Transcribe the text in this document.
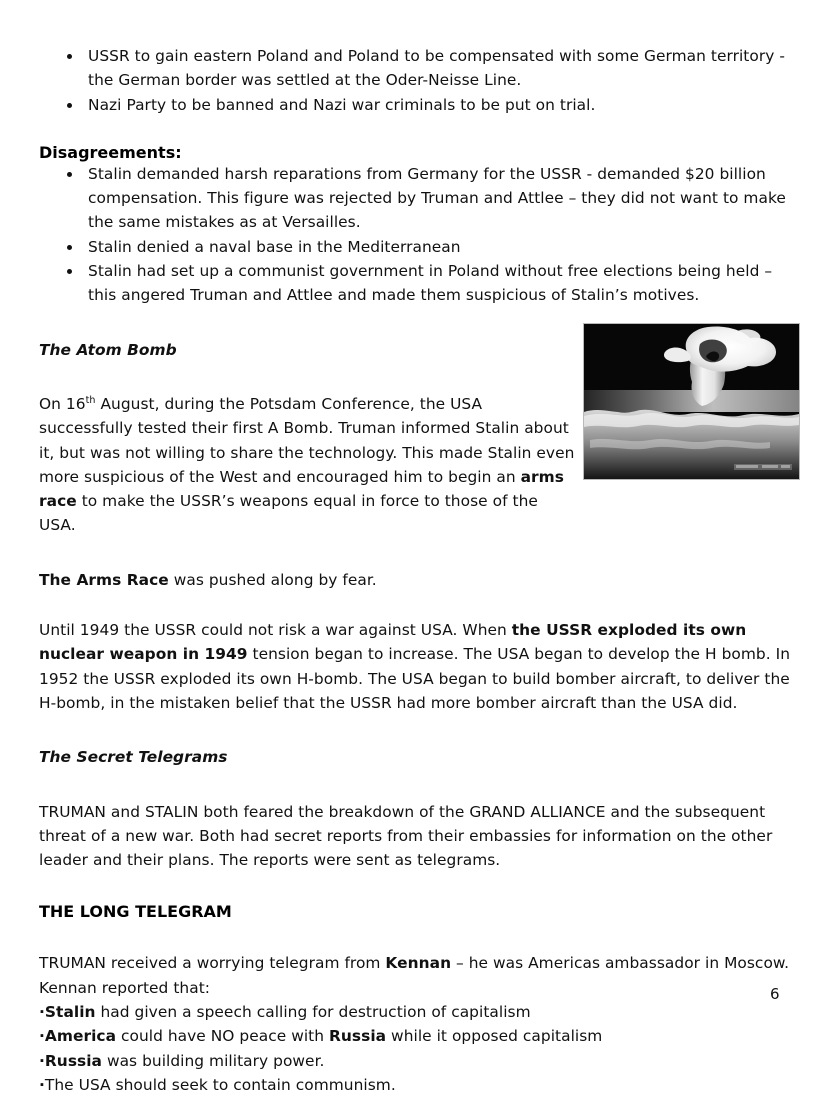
USSR to gain eastern Poland and Poland to be compensated with some German territory - the German border was settled at the Oder-Neisse Line.
Nazi Party to be banned and Nazi war criminals to be put on trial.

Disagreements:

Stalin demanded harsh reparations from Germany for the USSR - demanded $20 billion compensation. This figure was rejected by Truman and Attlee – they did not want to make the same mistakes as at Versailles.
Stalin denied a naval base in the Mediterranean
Stalin had set up a communist government in Poland without free elections being held – this angered Truman and Attlee and made them suspicious of Stalin’s motives.

The Atom Bomb

On 16th August, during the Potsdam Conference, the USA successfully tested their first A Bomb. Truman informed Stalin about it, but was not willing to share the technology. This made Stalin even more suspicious of the West and encouraged him to begin an arms race to make the USSR’s weapons equal in force to those of the USA.

The Arms Race was pushed along by fear.

Until 1949 the USSR could not risk a war against USA. When the USSR exploded its own nuclear weapon in 1949 tension began to increase. The USA began to develop the H bomb. In 1952 the USSR exploded its own H-bomb. The USA began to build bomber aircraft, to deliver the H-bomb, in the mistaken belief that the USSR had more bomber aircraft than the USA did.

The Secret Telegrams

TRUMAN and STALIN both feared the breakdown of the GRAND ALLIANCE and the subsequent threat of a new war. Both had secret reports from their embassies for information on the other leader and their plans. The reports were sent as telegrams.

THE LONG TELEGRAM

TRUMAN received a worrying telegram from Kennan – he was Americas ambassador in Moscow. Kennan reported that:

·Stalin had given a speech calling for destruction of capitalism

·America could have NO peace with Russia while it opposed capitalism

·Russia was building military power.

·The USA should seek to contain communism.

6
